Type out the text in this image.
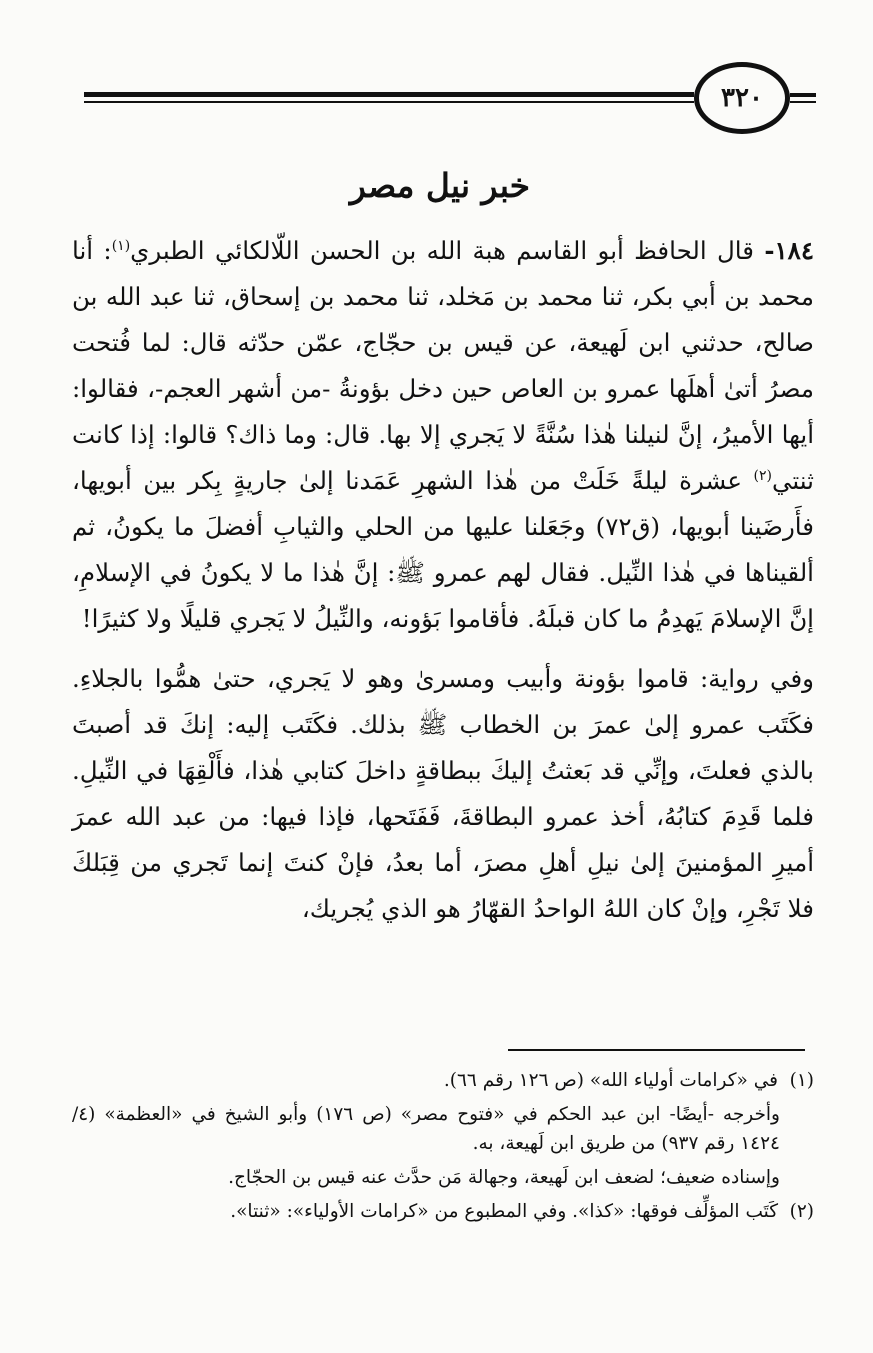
٣٢٠
خبر نيل مصر

١٨٤- قال الحافظ أبو القاسم هبة الله بن الحسن اللّالكائي الطبري$^{(١)}$: أنا محمد بن أبي بكر، ثنا محمد بن مَخلد، ثنا محمد بن إسحاق، ثنا عبد الله بن صالح، حدثني ابن لَهيعة، عن قيس بن حجّاج، عمّن حدّثه قال: لما فُتحت مصرُ أتىٰ أهلَها عمرو بن العاص حين دخل بؤونةُ -من أشهر العجم-، فقالوا: أيها الأميرُ، إنَّ لنيلنا هٰذا سُنَّةً لا يَجري إلا بها. قال: وما ذاك؟ قالوا: إذا كانت ثنتي$^{(٢)}$ عشرة ليلةً خَلَتْ من هٰذا الشهرِ عَمَدنا إلىٰ جاريةٍ بِكر بين أبويها، فأَرضَينا أبويها، (ق٧٢) وجَعَلنا عليها من الحلي والثيابِ أفضلَ ما يكونُ، ثم ألقيناها في هٰذا النِّيل. فقال لهم عمرو ﷺ: إنَّ هٰذا ما لا يكونُ في الإسلامِ، إنَّ الإسلامَ يَهدِمُ ما كان قبلَهُ. فأقاموا بَؤونه، والنِّيلُ لا يَجري قليلًا ولا كثيرًا!

وفي رواية: قاموا بؤونة وأبيب ومسرىٰ وهو لا يَجري، حتىٰ همُّوا بالجلاءِ. فكَتَب عمرو إلىٰ عمرَ بن الخطاب ﷺ بذلك. فكَتَب إليه: إنكَ قد أصبتَ بالذي فعلتَ، وإنِّي قد بَعثتُ إليكَ ببطاقةٍ داخلَ كتابي هٰذا، فأَلْقِهَا في النِّيلِ. فلما قَدِمَ كتابُهُ، أخذ عمرو البطاقةَ، فَفَتَحها، فإذا فيها: من عبد الله عمرَ أميرِ المؤمنينَ إلىٰ نيلِ أهلِ مصرَ، أما بعدُ، فإنْ كنتَ إنما تَجري من قِبَلكَ فلا تَجْرِ، وإنْ كان اللهُ الواحدُ القهّارُ هو الذي يُجريك،

(١)في «كرامات أولياء الله» (ص ١٢٦ رقم ٦٦).
وأخرجه -أيضًا- ابن عبد الحكم في «فتوح مصر» (ص ١٧٦) وأبو الشيخ في «العظمة» (٤/ ١٤٢٤ رقم ٩٣٧) من طريق ابن لَهيعة، به.
وإسناده ضعيف؛ لضعف ابن لَهيعة، وجهالة مَن حدَّث عنه قيس بن الحجّاج.
(٢)كَتَب المؤلِّف فوقها: «كذا». وفي المطبوع من «كرامات الأولياء»: «ثنتا».
